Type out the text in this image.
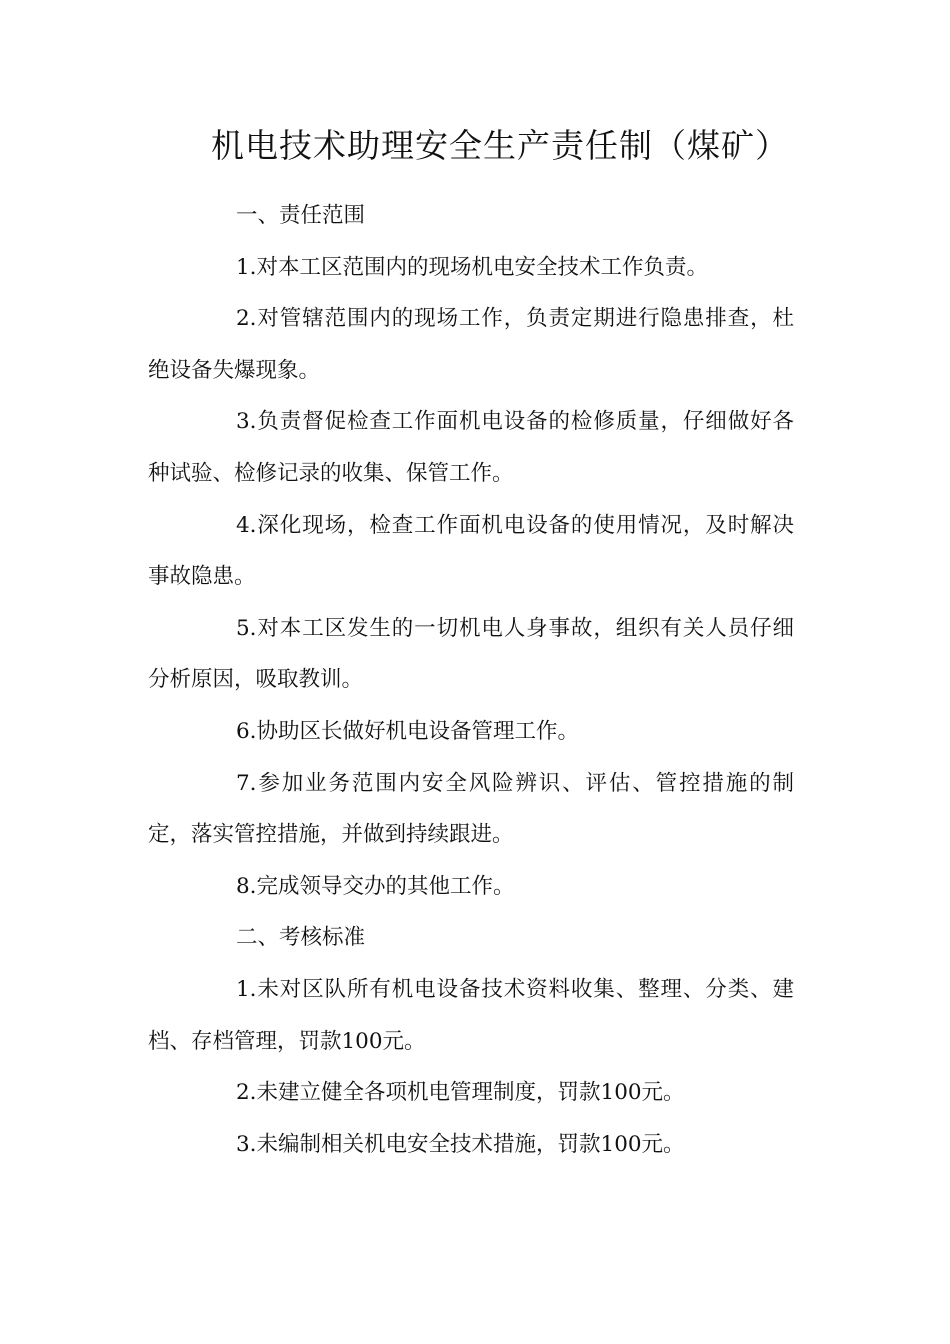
机电技术助理安全生产责任制（煤矿）

一、责任范围

1.对本工区范围内的现场机电安全技术工作负责。

2.对管辖范围内的现场工作，负责定期进行隐患排查，杜绝设备失爆现象。

3.负责督促检查工作面机电设备的检修质量，仔细做好各种试验、检修记录的收集、保管工作。

4.深化现场，检查工作面机电设备的使用情况，及时解决事故隐患。

5.对本工区发生的一切机电人身事故，组织有关人员仔细分析原因，吸取教训。

6.协助区长做好机电设备管理工作。

7.参加业务范围内安全风险辨识、评估、管控措施的制定，落实管控措施，并做到持续跟进。

8.完成领导交办的其他工作。

二、考核标准

1.未对区队所有机电设备技术资料收集、整理、分类、建档、存档管理，罚款100元。

2.未建立健全各项机电管理制度，罚款100元。

3.未编制相关机电安全技术措施，罚款100元。
